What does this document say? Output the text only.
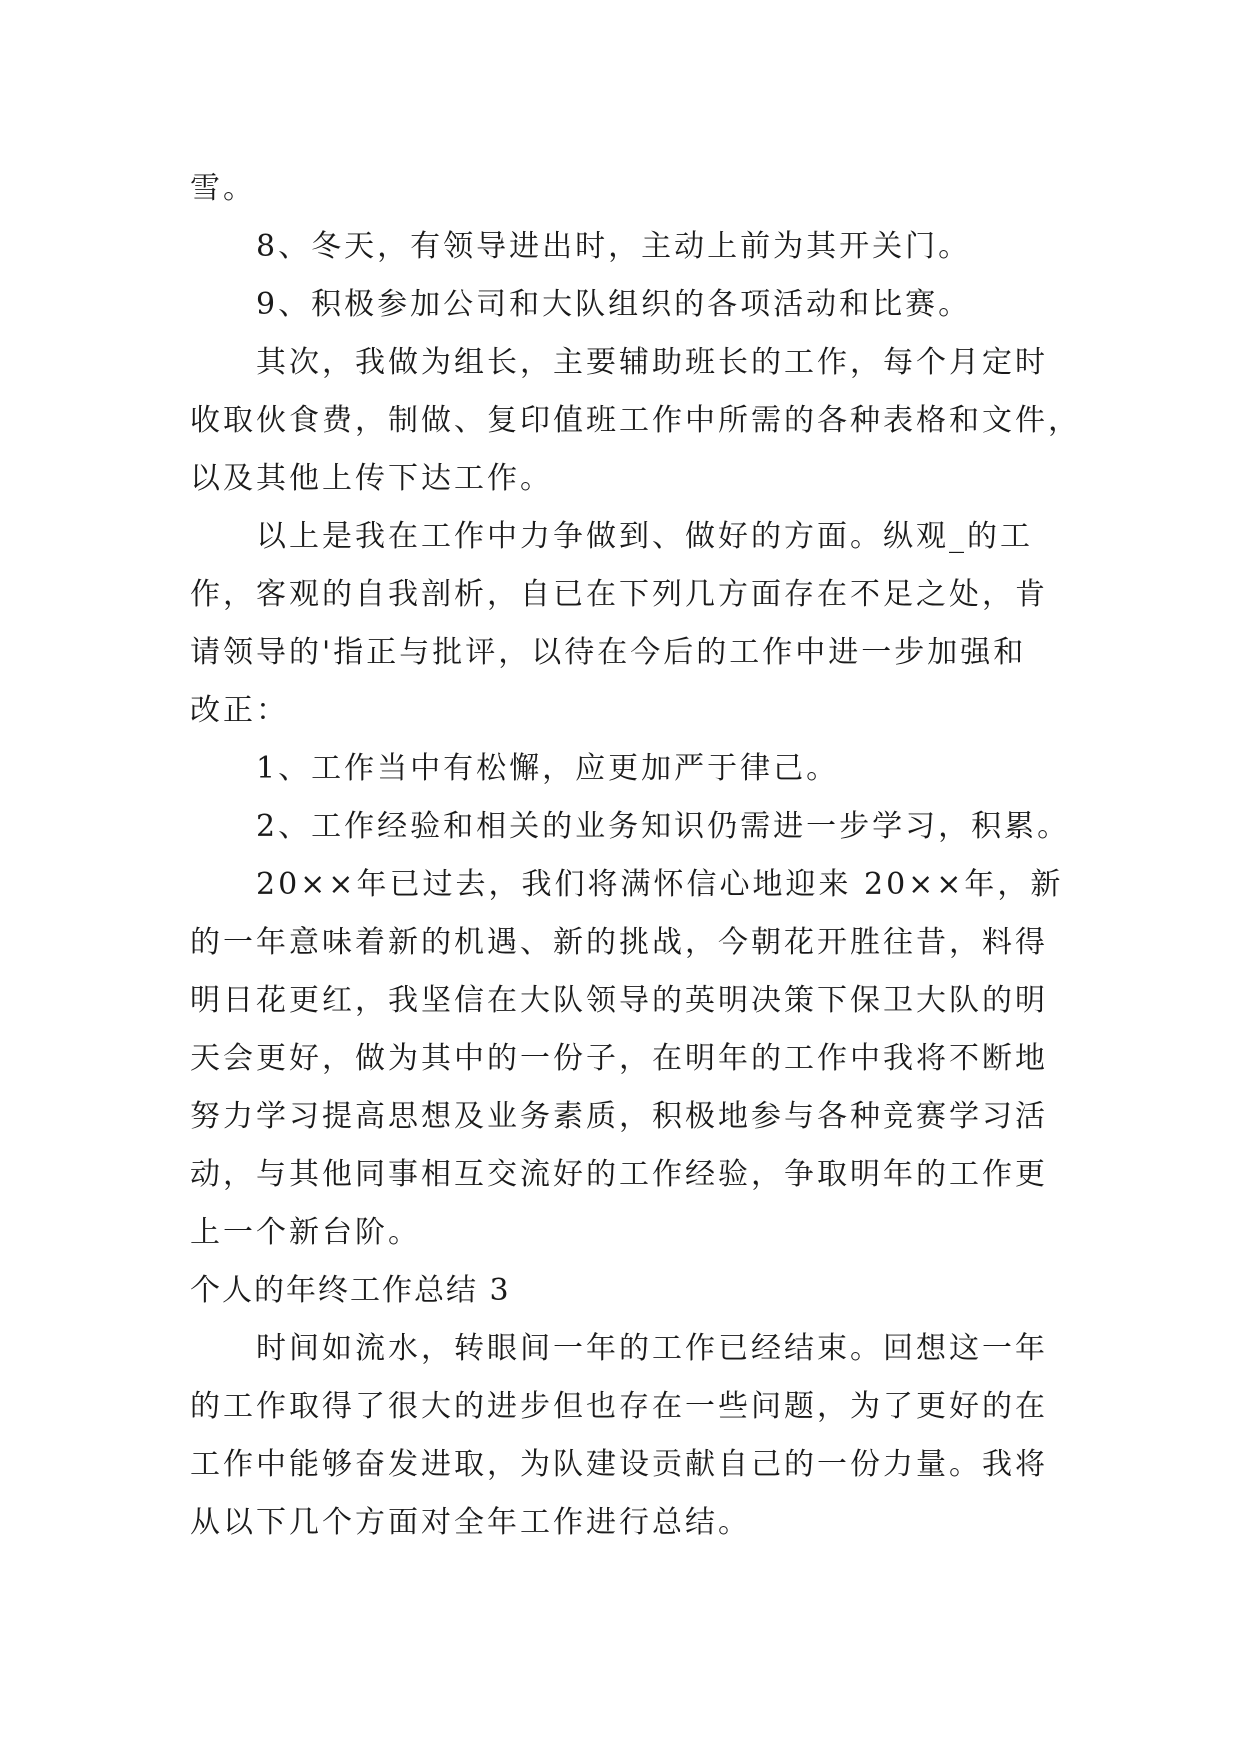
雪。
8、冬天，有领导进出时，主动上前为其开关门。
9、积极参加公司和大队组织的各项活动和比赛。
其次，我做为组长，主要辅助班长的工作，每个月定时
收取伙食费，制做、复印值班工作中所需的各种表格和文件，
以及其他上传下达工作。
以上是我在工作中力争做到、做好的方面。纵观_的工
作，客观的自我剖析，自已在下列几方面存在不足之处，肯
请领导的'指正与批评，以待在今后的工作中进一步加强和
改正：
1、工作当中有松懈，应更加严于律己。
2、工作经验和相关的业务知识仍需进一步学习，积累。
20××年已过去，我们将满怀信心地迎来 20××年，新
的一年意味着新的机遇、新的挑战，今朝花开胜往昔，料得
明日花更红，我坚信在大队领导的英明决策下保卫大队的明
天会更好，做为其中的一份子，在明年的工作中我将不断地
努力学习提高思想及业务素质，积极地参与各种竞赛学习活
动，与其他同事相互交流好的工作经验，争取明年的工作更
上一个新台阶。
个人的年终工作总结 3
时间如流水，转眼间一年的工作已经结束。回想这一年
的工作取得了很大的进步但也存在一些问题，为了更好的在
工作中能够奋发进取，为队建设贡献自己的一份力量。我将
从以下几个方面对全年工作进行总结。
